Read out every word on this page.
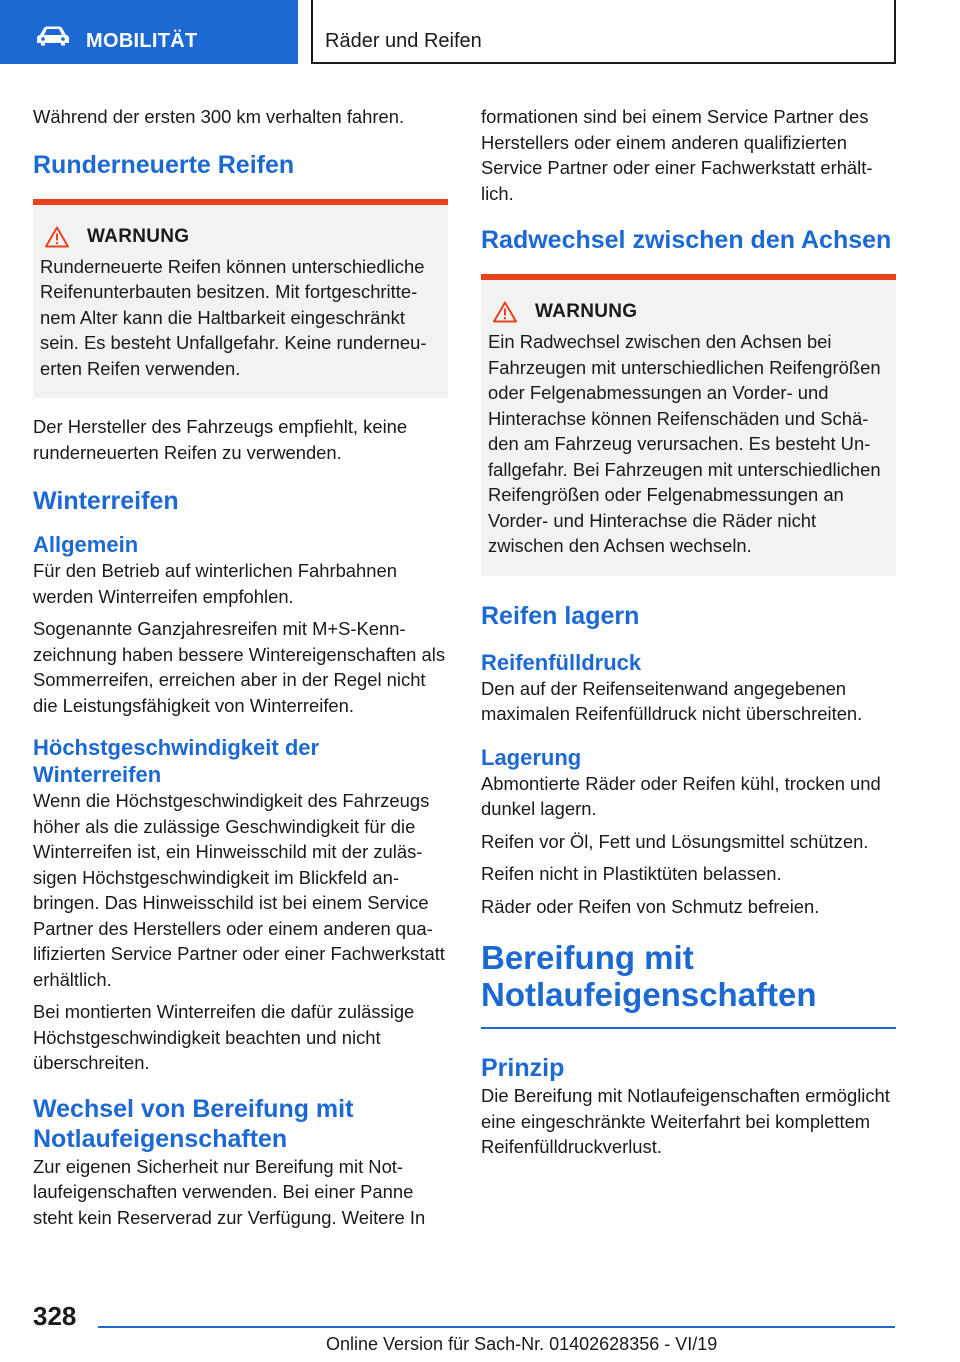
MOBILITÄT	Räder und Reifen

Während der ersten 300 km verhalten fahren.

Runderneuerte Reifen
WARNUNG

Runderneuerte Reifen können unterschiedliche Reifenunterbauten besitzen. Mit fortgeschrittenem Alter kann die Haltbarkeit eingeschränkt sein. Es besteht Unfallgefahr. Keine runderneuerten Reifen verwenden.

Der Hersteller des Fahrzeugs empfiehlt, keine runderneuerten Reifen zu verwenden.

Winterreifen
Allgemein

Für den Betrieb auf winterlichen Fahrbahnen werden Winterreifen empfohlen.

Sogenannte Ganzjahresreifen mit M+S-Kennzeichnung haben bessere Wintereigenschaften als Sommerreifen, erreichen aber in der Regel nicht die Leistungsfähigkeit von Winterreifen.

Höchstgeschwindigkeit der Winterreifen

Wenn die Höchstgeschwindigkeit des Fahrzeugs höher als die zulässige Geschwindigkeit für die Winterreifen ist, ein Hinweisschild mit der zulässigen Höchstgeschwindigkeit im Blickfeld anbringen. Das Hinweisschild ist bei einem Service Partner des Herstellers oder einem anderen qualifizierten Service Partner oder einer Fachwerkstatt erhältlich.

Bei montierten Winterreifen die dafür zulässige Höchstgeschwindigkeit beachten und nicht überschreiten.

Wechsel von Bereifung mit Notlaufeigenschaften

Zur eigenen Sicherheit nur Bereifung mit Notlaufeigenschaften verwenden. Bei einer Panne steht kein Reserverad zur Verfügung. Weitere In

formationen sind bei einem Service Partner des Herstellers oder einem anderen qualifizierten Service Partner oder einer Fachwerkstatt erhältlich.

Radwechsel zwischen den Achsen
WARNUNG

Ein Radwechsel zwischen den Achsen bei Fahrzeugen mit unterschiedlichen Reifengrößen oder Felgenabmessungen an Vorder- und Hinterachse können Reifenschäden und Schäden am Fahrzeug verursachen. Es besteht Unfallgefahr. Bei Fahrzeugen mit unterschiedlichen Reifengrößen oder Felgenabmessungen an Vorder- und Hinterachse die Räder nicht zwischen den Achsen wechseln.

Reifen lagern
Reifenfülldruck

Den auf der Reifenseitenwand angegebenen maximalen Reifenfülldruck nicht überschreiten.

Lagerung

Abmontierte Räder oder Reifen kühl, trocken und dunkel lagern.

Reifen vor Öl, Fett und Lösungsmittel schützen.

Reifen nicht in Plastiktüten belassen.

Räder oder Reifen von Schmutz befreien.

Bereifung mit Notlaufeigenschaften
Prinzip

Die Bereifung mit Notlaufeigenschaften ermöglicht eine eingeschränkte Weiterfahrt bei komplettem Reifenfülldruckverlust.

328
Online Version für Sach-Nr. 01402628356 - VI/19
